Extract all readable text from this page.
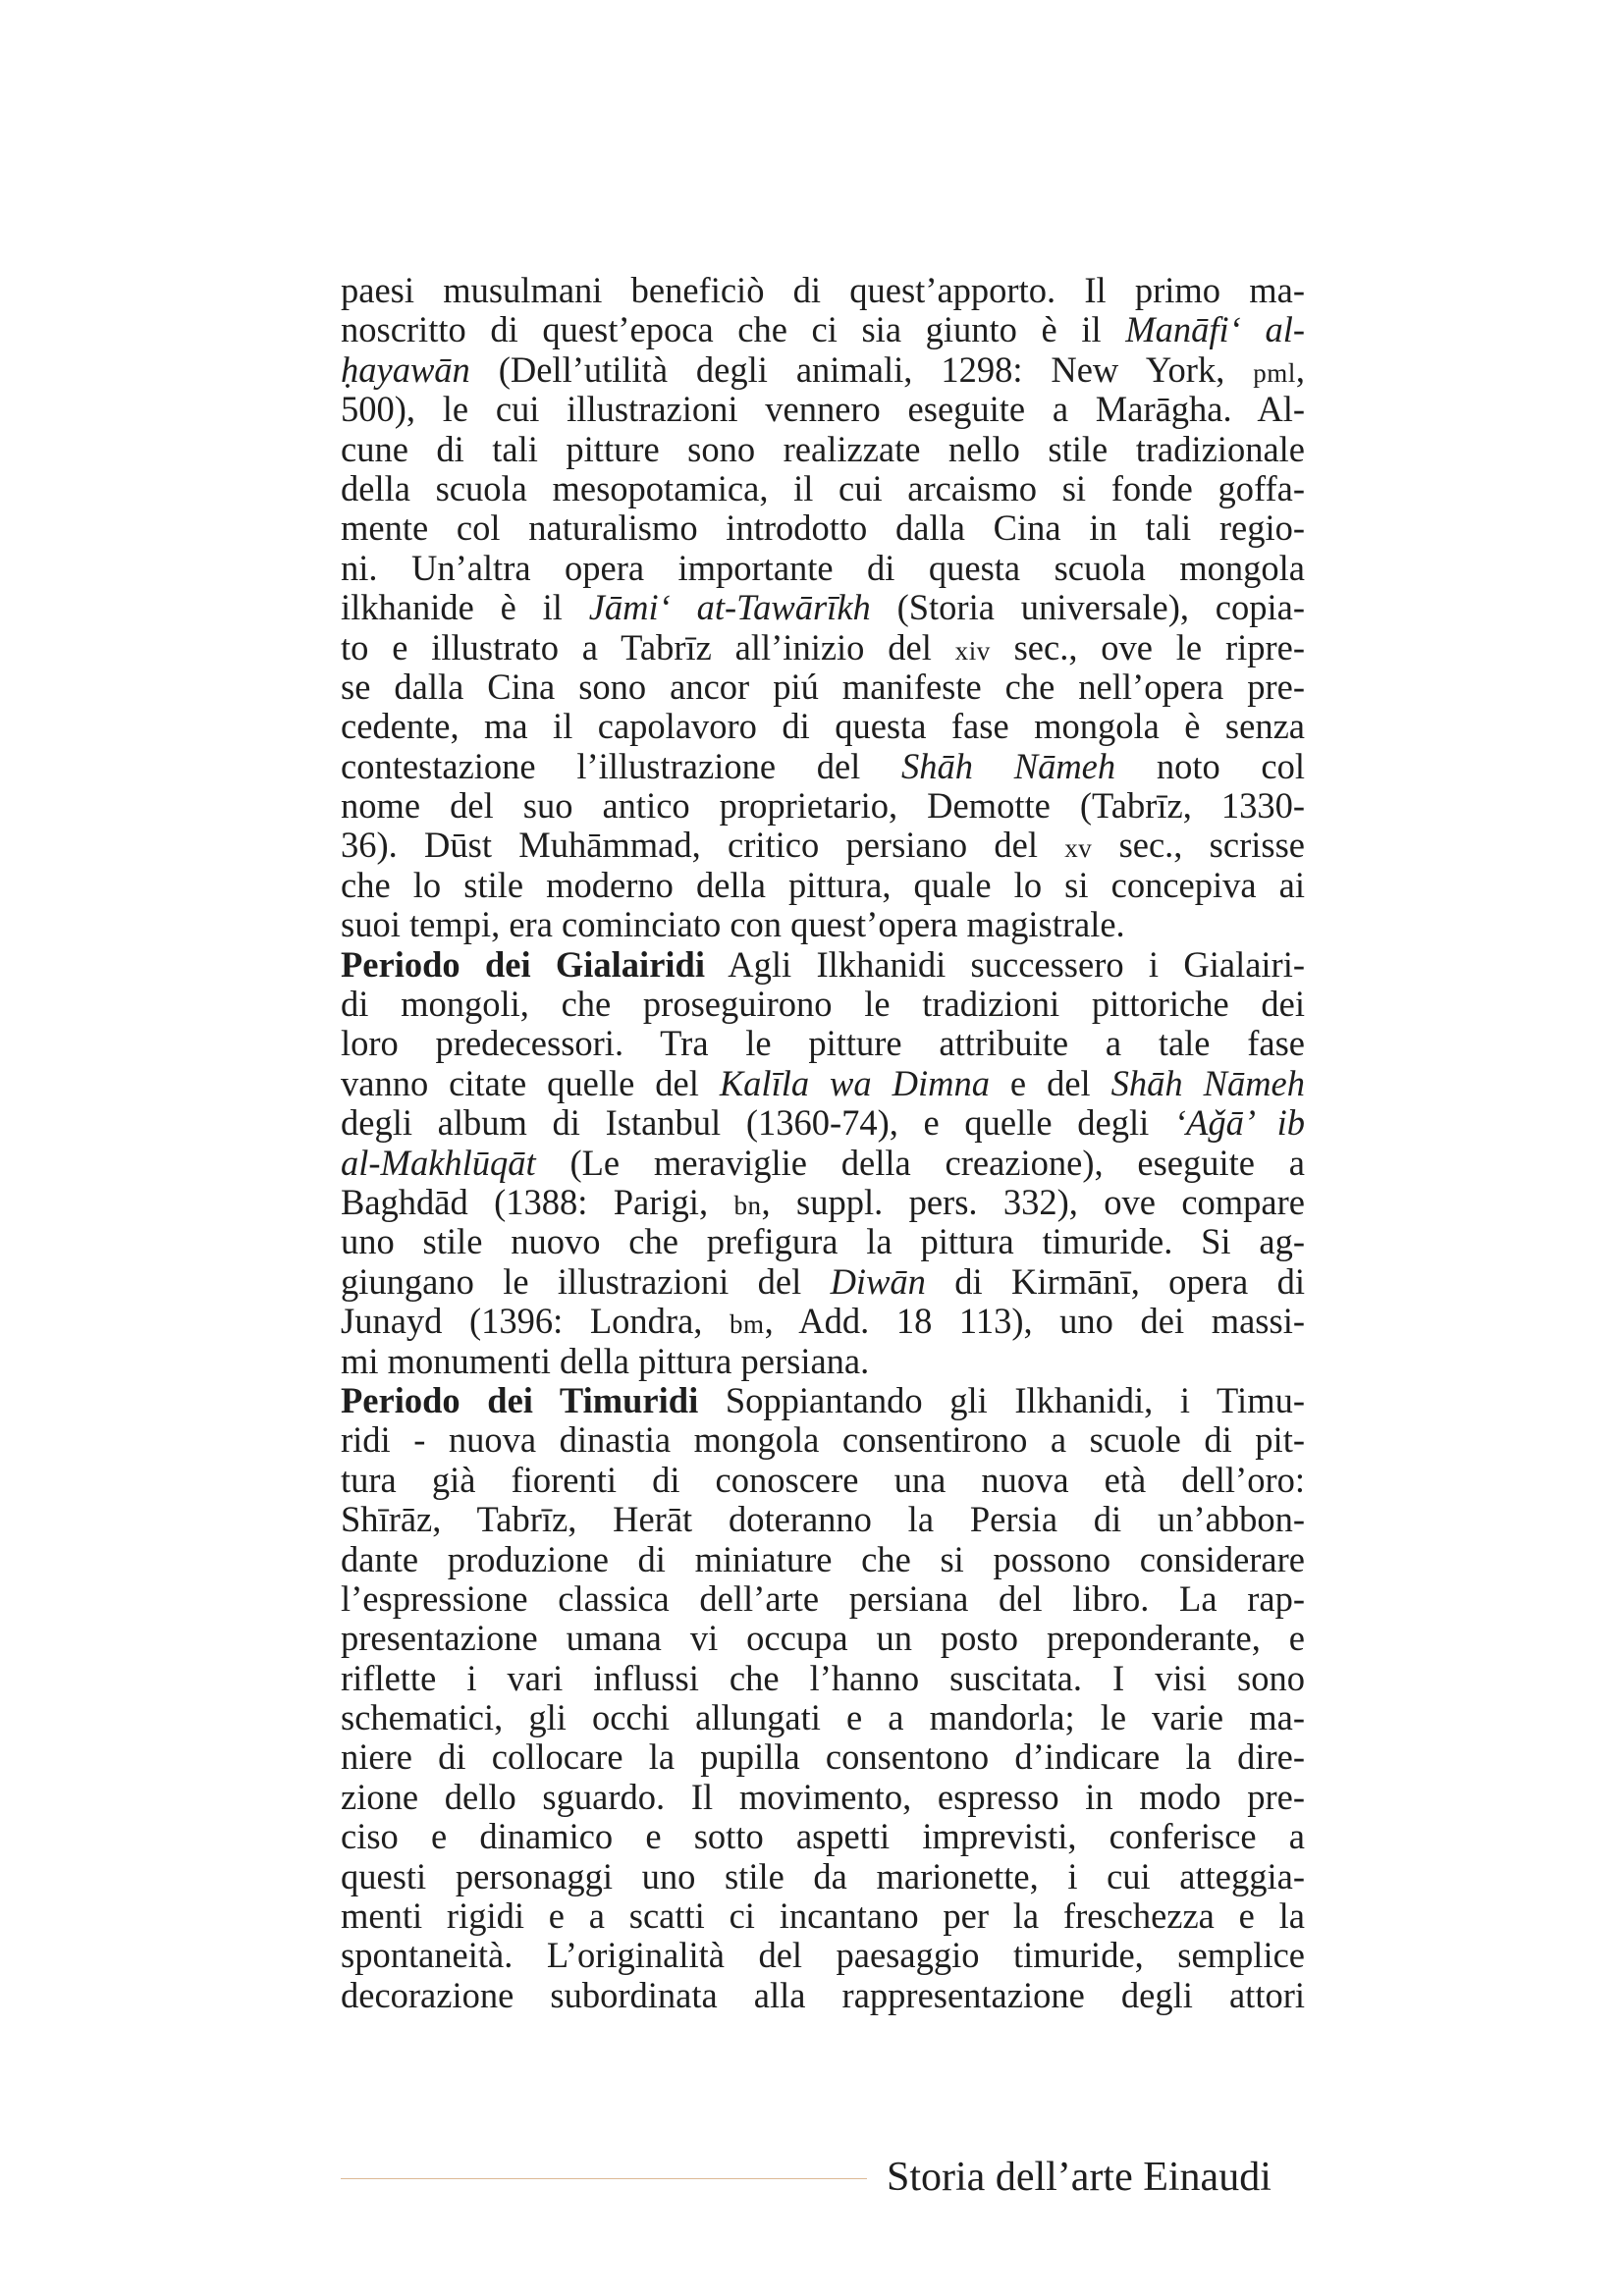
paesi musulmani beneficiò di quest’apporto. Il primo ma-
noscritto di quest’epoca che ci sia giunto è il Manāfi‘ al-
ḥayawān (Dell’utilità degli animali, 1298: New York, pml,
500), le cui illustrazioni vennero eseguite a Marāgha. Al-
cune di tali pitture sono realizzate nello stile tradizionale
della scuola mesopotamica, il cui arcaismo si fonde goffa-
mente col naturalismo introdotto dalla Cina in tali regio-
ni. Un’altra opera importante di questa scuola mongola
ilkhanide è il Jāmi‘ at-Tawārīkh (Storia universale), copia-
to e illustrato a Tabrīz all’inizio del xiv sec., ove le ripre-
se dalla Cina sono ancor piú manifeste che nell’opera pre-
cedente, ma il capolavoro di questa fase mongola è senza
contestazione l’illustrazione del Shāh Nāmeh noto col
nome del suo antico proprietario, Demotte (Tabrīz, 1330-
36). Dūst Muhāmmad, critico persiano del xv sec., scrisse
che lo stile moderno della pittura, quale lo si concepiva ai
suoi tempi, era cominciato con quest’opera magistrale.
Periodo dei Gialairidi Agli Ilkhanidi successero i Gialairi-
di mongoli, che proseguirono le tradizioni pittoriche dei
loro predecessori. Tra le pitture attribuite a tale fase
vanno citate quelle del Kalīla wa Dimna e del Shāh Nāmeh
degli album di Istanbul (1360-74), e quelle degli ‘Aǧā’ ib
al-Makhlūqāt (Le meraviglie della creazione), eseguite a
Baghdād (1388: Parigi, bn, suppl. pers. 332), ove compare
uno stile nuovo che prefigura la pittura timuride. Si ag-
giungano le illustrazioni del Diwān di Kirmānī, opera di
Junayd (1396: Londra, bm, Add. 18 113), uno dei massi-
mi monumenti della pittura persiana.
Periodo dei Timuridi Soppiantando gli Ilkhanidi, i Timu-
ridi - nuova dinastia mongola consentirono a scuole di pit-
tura già fiorenti di conoscere una nuova età dell’oro:
Shīrāz, Tabrīz, Herāt doteranno la Persia di un’abbon-
dante produzione di miniature che si possono considerare
l’espressione classica dell’arte persiana del libro. La rap-
presentazione umana vi occupa un posto preponderante, e
riflette i vari influssi che l’hanno suscitata. I visi sono
schematici, gli occhi allungati e a mandorla; le varie ma-
niere di collocare la pupilla consentono d’indicare la dire-
zione dello sguardo. Il movimento, espresso in modo pre-
ciso e dinamico e sotto aspetti imprevisti, conferisce a
questi personaggi uno stile da marionette, i cui atteggia-
menti rigidi e a scatti ci incantano per la freschezza e la
spontaneità. L’originalità del paesaggio timuride, semplice
decorazione subordinata alla rappresentazione degli attori
Storia dell’arte Einaudi
